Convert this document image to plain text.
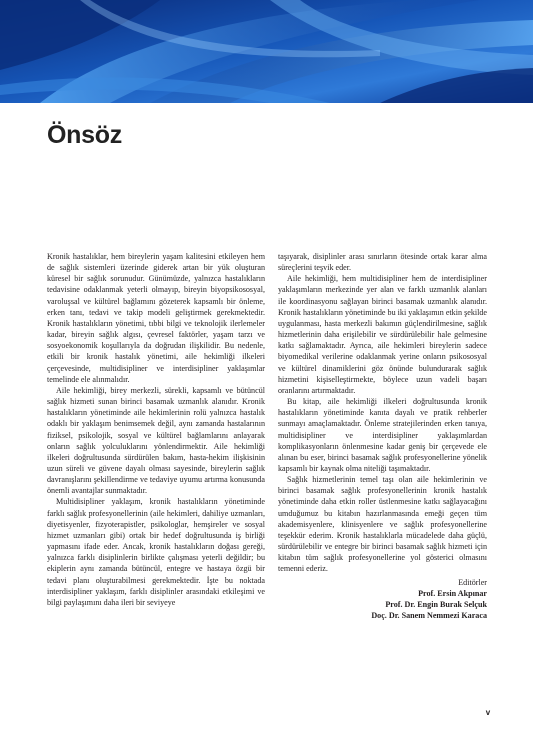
Önsöz

Kronik hastalıklar, hem bireylerin yaşam kalitesini etkileyen hem de sağlık sistemleri üzerinde giderek artan bir yük oluşturan küresel bir sağlık sorunudur. Günümüzde, yalnızca hastalıkların tedavisine odaklanmak yeterli olmayıp, bireyin biyopsikososyal, varoluşsal ve kültürel bağlamını gözeterek kapsamlı bir önleme, erken tanı, tedavi ve takip modeli geliştirmek gerekmektedir. Kronik hastalıkların yönetimi, tıbbi bilgi ve teknolojik ilerlemeler kadar, bireyin sağlık algısı, çevresel faktörler, yaşam tarzı ve sosyoekonomik koşullarıyla da doğrudan ilişkilidir. Bu nedenle, etkili bir kronik hastalık yönetimi, aile hekimliği ilkeleri çerçevesinde, multidisipliner ve interdisipliner yaklaşımlar temelinde ele alınmalıdır.

Aile hekimliği, birey merkezli, sürekli, kapsamlı ve bütüncül sağlık hizmeti sunan birinci basamak uzmanlık alanıdır. Kronik hastalıkların yönetiminde aile hekimlerinin rolü yalnızca hastalık odaklı bir yaklaşım benimsemek değil, aynı zamanda hastalarının fiziksel, psikolojik, sosyal ve kültürel bağlamlarını anlayarak onların sağlık yolculuklarını yönlendirmektir. Aile hekimliği ilkeleri doğrultusunda sürdürülen bakım, hasta-hekim ilişkisinin uzun süreli ve güvene dayalı olması sayesinde, bireylerin sağlık davranışlarını şekillendirme ve tedaviye uyumu artırma konusunda önemli avantajlar sunmaktadır.

Multidisipliner yaklaşım, kronik hastalıkların yönetiminde farklı sağlık profesyonellerinin (aile hekimleri, dahiliye uzmanları, diyetisyenler, fizyoterapistler, psikologlar, hemşireler ve sosyal hizmet uzmanları gibi) ortak bir hedef doğrultusunda iş birliği yapmasını ifade eder. Ancak, kronik hastalıkların doğası gereği, yalnızca farklı disiplinlerin birlikte çalışması yeterli değildir; bu ekiplerin aynı zamanda bütüncül, entegre ve hastaya özgü bir tedavi planı oluşturabilmesi gerekmektedir. İşte bu noktada interdisipliner yaklaşım, farklı disiplinler arasındaki etkileşimi ve bilgi paylaşımını daha ileri bir seviyeye

taşıyarak, disiplinler arası sınırların ötesinde ortak karar alma süreçlerini teşvik eder.

Aile hekimliği, hem multidisipliner hem de interdisipliner yaklaşımların merkezinde yer alan ve farklı uzmanlık alanları ile koordinasyonu sağlayan birinci basamak uzmanlık alanıdır. Kronik hastalıkların yönetiminde bu iki yaklaşımın etkin şekilde uygulanması, hasta merkezli bakımın güçlendirilmesine, sağlık hizmetlerinin daha erişilebilir ve sürdürülebilir hale gelmesine katkı sağlamaktadır. Ayrıca, aile hekimleri bireylerin sadece biyomedikal verilerine odaklanmak yerine onların psikososyal ve kültürel dinamiklerini göz önünde bulundurarak sağlık hizmetini kişiselleştirmekte, böylece uzun vadeli başarı oranlarını artırmaktadır.

Bu kitap, aile hekimliği ilkeleri doğrultusunda kronik hastalıkların yönetiminde kanıta dayalı ve pratik rehberler sunmayı amaçlamaktadır. Önleme stratejilerinden erken tanıya, multidisipliner ve interdisipliner yaklaşımlardan komplikasyonların önlenmesine kadar geniş bir çerçevede ele alınan bu eser, birinci basamak sağlık profesyonellerine yönelik kapsamlı bir kaynak olma niteliği taşımaktadır.

Sağlık hizmetlerinin temel taşı olan aile hekimlerinin ve birinci basamak sağlık profesyonellerinin kronik hastalık yönetiminde daha etkin roller üstlenmesine katkı sağlayacağını umduğumuz bu kitabın hazırlanmasında emeği geçen tüm akademisyenlere, klinisyenlere ve sağlık profesyonellerine teşekkür ederim. Kronik hastalıklarla mücadelede daha güçlü, sürdürülebilir ve entegre bir birinci basamak sağlık hizmeti için kitabın tüm sağlık profesyonellerine yol gösterici olmasını temenni ederiz.

Editörler
Prof. Ersin Akpınar
Prof. Dr. Engin Burak Selçuk
Doç. Dr. Sanem Nemmezi Karaca
v
